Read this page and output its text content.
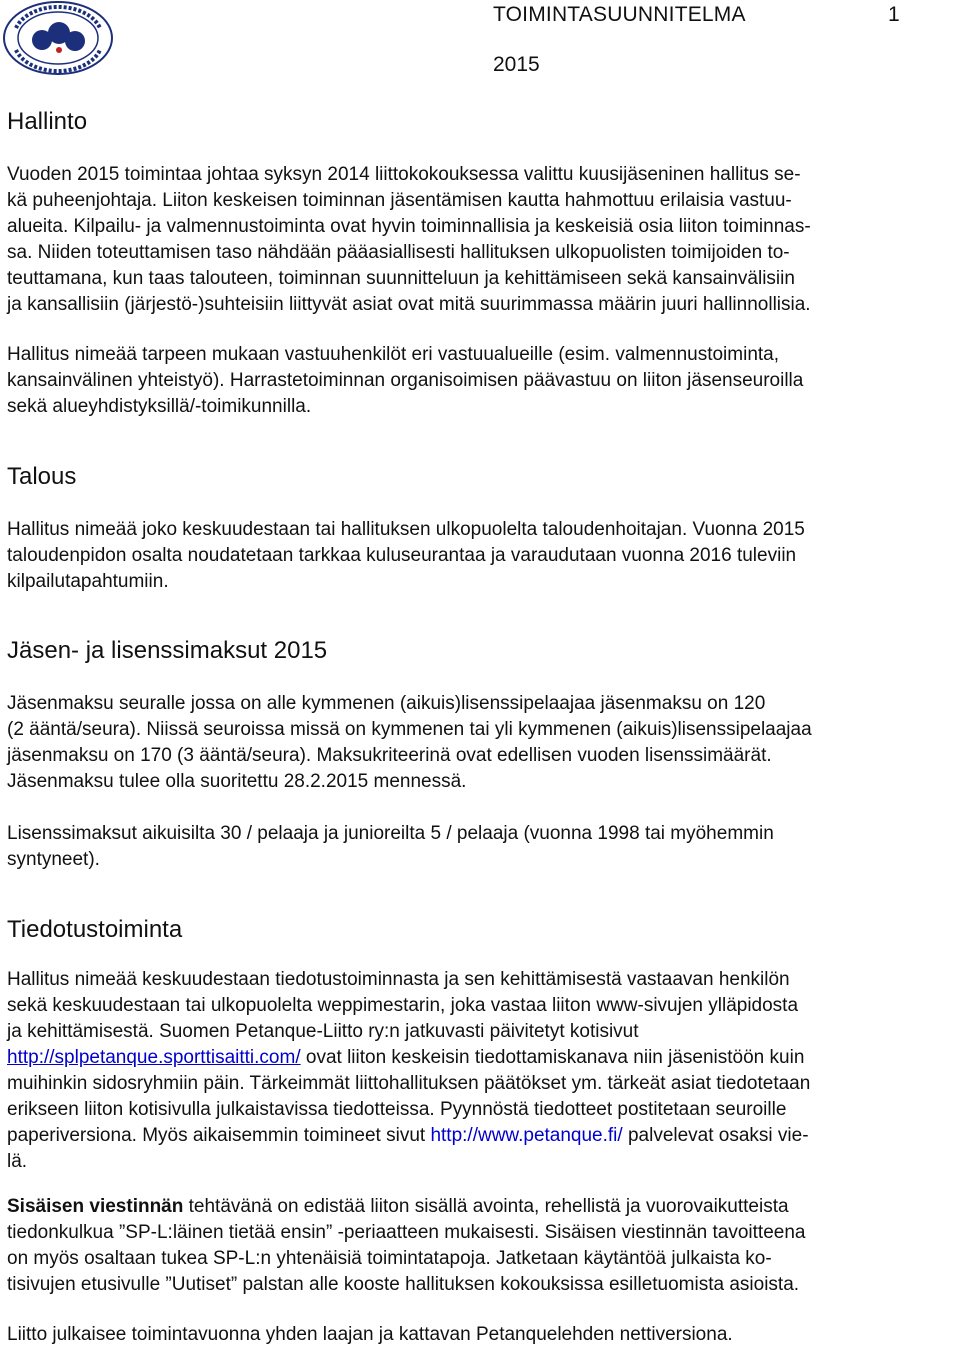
TOIMINTASUUNNITELMA	1
2015
Hallinto
Vuoden 2015 toimintaa johtaa syksyn 2014 liittokokouksessa valittu kuusijäseninen hallitus se-
kä puheenjohtaja. Liiton keskeisen toiminnan jäsentämisen kautta hahmottuu erilaisia vastuu-
alueita. Kilpailu- ja valmennustoiminta ovat hyvin toiminnallisia ja keskeisiä osia liiton toiminnas-
sa. Niiden toteuttamisen taso nähdään pääasiallisesti hallituksen ulkopuolisten toimijoiden to-
teuttamana, kun taas talouteen, toiminnan suunnitteluun ja kehittämiseen sekä kansainvälisiin
ja kansallisiin (järjestö-)suhteisiin liittyvät asiat ovat mitä suurimmassa määrin juuri hallinnollisia.
Hallitus nimeää tarpeen mukaan vastuuhenkilöt eri vastuualueille (esim. valmennustoiminta,
kansainvälinen yhteistyö). Harrastetoiminnan organisoimisen päävastuu on liiton jäsenseuroilla
sekä alueyhdistyksillä/-toimikunnilla.
Talous
Hallitus nimeää joko keskuudestaan tai hallituksen ulkopuolelta taloudenhoitajan. Vuonna 2015
taloudenpidon osalta noudatetaan tarkkaa kuluseurantaa ja varaudutaan vuonna 2016 tuleviin
kilpailutapahtumiin.
Jäsen- ja lisenssimaksut 2015
Jäsenmaksu seuralle jossa on alle kymmenen (aikuis)lisenssipelaajaa jäsenmaksu on 120
(2 ääntä/seura). Niissä seuroissa missä on kymmenen tai yli kymmenen (aikuis)lisenssipelaajaa
jäsenmaksu on 170 (3 ääntä/seura). Maksukriteerinä ovat edellisen vuoden lisenssimäärät.
Jäsenmaksu tulee olla suoritettu 28.2.2015 mennessä.
Lisenssimaksut aikuisilta 30 / pelaaja ja junioreilta 5 / pelaaja (vuonna 1998 tai myöhemmin
syntyneet).
Tiedotustoiminta
Hallitus nimeää keskuudestaan tiedotustoiminnasta ja sen kehittämisestä vastaavan henkilön
sekä keskuudestaan tai ulkopuolelta weppimestarin, joka vastaa liiton www-sivujen ylläpidosta
ja kehittämisestä. Suomen Petanque-Liitto ry:n jatkuvasti päivitetyt kotisivut
http://splpetanque.sporttisaitti.com/ ovat liiton keskeisin tiedottamiskanava niin jäsenistöön kuin
muihinkin sidosryhmiin päin. Tärkeimmät liittohallituksen päätökset ym. tärkeät asiat tiedotetaan
erikseen liiton kotisivulla julkaistavissa tiedotteissa. Pyynnöstä tiedotteet postitetaan seuroille
paperiversiona. Myös aikaisemmin toimineet sivut http://www.petanque.fi/ palvelevat osaksi vie-
lä.
Sisäisen viestinnän tehtävänä on edistää liiton sisällä avointa, rehellistä ja vuorovaikutteista
tiedonkulkua ”SP-L:läinen tietää ensin” -periaatteen mukaisesti. Sisäisen viestinnän tavoitteena
on myös osaltaan tukea SP-L:n yhtenäisiä toimintatapoja. Jatketaan käytäntöä julkaista ko-
tisivujen etusivulle ”Uutiset” palstan alle kooste hallituksen kokouksissa esilletuomista asioista.
Liitto julkaisee toimintavuonna yhden laajan ja kattavan Petanquelehden nettiversiona.
